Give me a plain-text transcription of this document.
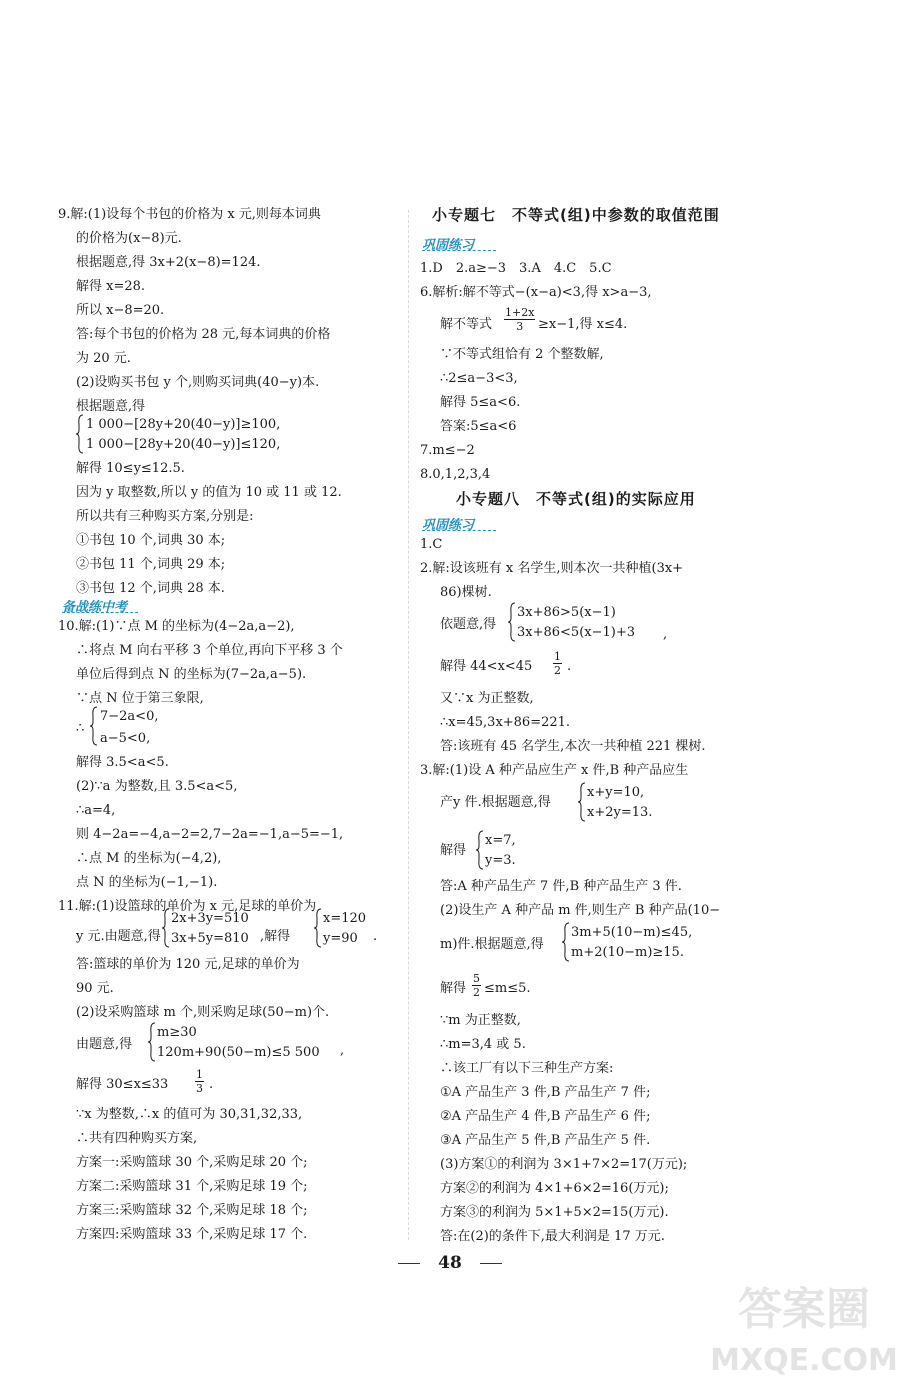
9.解:(1)设每个书包的价格为 x 元,则每本词典
的价格为(x−8)元.
根据题意,得 3x+2(x−8)=124.
解得 x=28.
所以 x−8=20.
答:每个书包的价格为 28 元,每本词典的价格
为 20 元.
(2)设购买书包 y 个,则购买词典(40−y)本.
根据题意,得
1 000−[28y+20(40−y)]≥100,
1 000−[28y+20(40−y)]≤120,
解得 10≤y≤12.5.
因为 y 取整数,所以 y 的值为 10 或 11 或 12.
所以共有三种购买方案,分别是:
①书包 10 个,词典 30 本;
②书包 11 个,词典 29 本;
③书包 12 个,词典 28 本.
备战练中考
10.解:(1)∵点 M 的坐标为(4−2a,a−2),
∴将点 M 向右平移 3 个单位,再向下平移 3 个
单位后得到点 N 的坐标为(7−2a,a−5).
∵点 N 位于第三象限,
∴
7−2a<0,
a−5<0,
解得 3.5<a<5.
(2)∵a 为整数,且 3.5<a<5,
∴a=4,
则 4−2a=−4,a−2=2,7−2a=−1,a−5=−1,
∴点 M 的坐标为(−4,2),
点 N 的坐标为(−1,−1).
11.解:(1)设篮球的单价为 x 元,足球的单价为
y 元.由题意,得
2x+3y=510
3x+5y=810 ,解得
x=120
y=90 .
答:篮球的单价为 120 元,足球的单价为
90 元.
(2)设采购篮球 m 个,则采购足球(50−m)个.
由题意,得
m≥30
120m+90(50−m)≤5 500 ,
解得 $30\le x\le 33 \frac{1}{3}$ .
∵x 为整数,∴x 的值可为 30,31,32,33,
∴共有四种购买方案,
方案一:采购篮球 30 个,采购足球 20 个;
方案二:采购篮球 31 个,采购足球 19 个;
方案三:采购篮球 32 个,采购足球 18 个;
方案四:采购篮球 33 个,采购足球 17 个.
小专题七　不等式(组)中参数的取值范围
巩固练习
1.D　2.a≥−3　3.A　4.C　5.C
6.解析:解不等式−(x−a)<3,得 x>a−3,
解不等式 $\frac{1+2x}{3} \ge x-1$,得 x≤4.
∵不等式组恰有 2 个整数解,
∴2≤a−3<3,
解得 5≤a<6.
答案:5≤a<6
7.m≤−2
8.0,1,2,3,4
小专题八　不等式(组)的实际应用
巩固练习
1.C
2.解:设该班有 x 名学生,则本次一共种植(3x+
86)棵树.
依题意,得
3x+86>5(x−1)
3x+86<5(x−1)+3 ,
解得 $44<x<45 \frac{1}{2}$ .
又∵x 为正整数,
∴x=45,3x+86=221.
答:该班有 45 名学生,本次一共种植 221 棵树.
3.解:(1)设 A 种产品应生产 x 件,B 种产品应生
产y 件.根据题意,得
x+y=10,
x+2y=13.
解得
x=7,
y=3.
答:A 种产品生产 7 件,B 种产品生产 3 件.
(2)设生产 A 种产品 m 件,则生产 B 种产品(10−
m)件.根据题意,得
3m+5(10−m)≤45,
m+2(10−m)≥15.
解得 $\frac{5}{2} \le m\le 5$.
∵m 为正整数,
∴m=3,4 或 5.
∴该工厂有以下三种生产方案:
①A 产品生产 3 件,B 产品生产 7 件;
②A 产品生产 4 件,B 产品生产 6 件;
③A 产品生产 5 件,B 产品生产 5 件.
(3)方案①的利润为 3×1+7×2=17(万元);
方案②的利润为 4×1+6×2=16(万元);
方案③的利润为 5×1+5×2=15(万元).
答:在(2)的条件下,最大利润是 17 万元.
48
答案圈
MXQE.COM
